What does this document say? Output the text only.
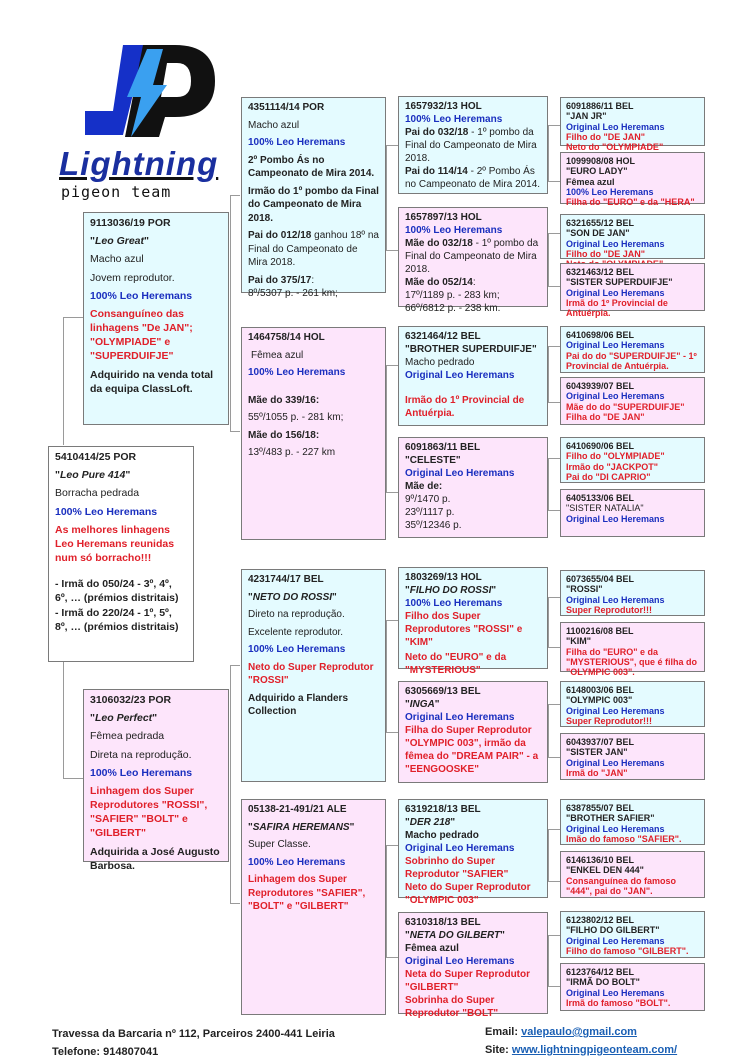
Lightning
pigeon team
5410414/25 POR
"Leo Pure 414"
Borracha pedrada
100% Leo Heremans
As melhores linhagens Leo Heremans reunidas num só borracho!!!
- Irmã do 050/24 - 3º, 4º, 6º, … (prémios distritais)
- Irmã do 220/24 - 1º, 5º, 8º, … (prémios distritais)
9113036/19 POR
"Leo Great"
Macho azul
Jovem reprodutor.
100% Leo Heremans
Consanguíneo das linhagens "De JAN"; "OLYMPIADE" e "SUPERDUIFJE"
Adquirido na venda total da equipa ClassLoft.
3106032/23 POR
"Leo Perfect"
Fêmea pedrada
Direta na reprodução.
100% Leo Heremans
Linhagem dos Super Reprodutores "ROSSI", "SAFIER" "BOLT" e "GILBERT"
Adquirida a José Augusto Barbosa.
4351114/14 POR
Macho azul
100% Leo Heremans
2º Pombo Ás no Campeonato de Mira 2014.
Irmão do 1º pombo da Final do Campeonato de Mira 2018.
Pai do 012/18 ganhou 18º na Final do Campeonato de Mira 2018.
Pai do 375/17:
8º/5307 p. - 261 km;
1464758/14 HOL
Fêmea azul
100% Leo Heremans
Mãe do 339/16:
55º/1055 p. - 281 km;
Mãe do 156/18:
13º/483 p. - 227 km
4231744/17 BEL
"NETO DO ROSSI"
Direto na reprodução.
Excelente reprodutor.
100% Leo Heremans
Neto do Super Reprodutor "ROSSI"
Adquirido a Flanders Collection
05138-21-491/21 ALE
"SAFIRA HEREMANS"
Super Classe.
100% Leo Heremans
Linhagem dos Super Reprodutores "SAFIER", "BOLT" e "GILBERT"
1657932/13 HOL
100% Leo Heremans
Pai do 032/18 - 1º pombo da Final do Campeonato de Mira 2018.
Pai do 114/14 - 2º Pombo Ás no Campeonato de Mira 2014.
1657897/13 HOL
100% Leo Heremans
Mãe do 032/18 - 1º pombo da Final do Campeonato de Mira 2018.
Mãe do 052/14:
17º/1189 p. - 283 km;
66º/6812 p. - 238 km.
6321464/12 BEL
"BROTHER SUPERDUIFJE"
Macho pedrado
Original Leo Heremans
Irmão do 1º Provincial de Antuérpia.
6091863/11 BEL
"CELESTE"
Original Leo Heremans
Mãe de:
9º/1470 p.
23º/1117 p.
35º/12346 p.
1803269/13 HOL
"FILHO DO ROSSI"
100% Leo Heremans
Filho dos Super Reprodutores "ROSSI" e "KIM"
Neto do "EURO" e da "MYSTERIOUS"
6305669/13 BEL
"INGA"
Original Leo Heremans
Filha do Super Reprodutor "OLYMPIC 003", irmão da fêmea do "DREAM PAIR" - a "EENGOOSKE"
6319218/13 BEL
"DER 218"
Macho pedrado
Original Leo Heremans
Sobrinho do Super Reprodutor "SAFIER"
Neto do Super Reprodutor "OLYMPIC 003"
6310318/13 BEL
"NETA DO GILBERT"
Fêmea azul
Original Leo Heremans
Neta do Super Reprodutor "GILBERT"
Sobrinha do Super Reprodutor "BOLT"
6091886/11 BEL
"JAN JR"
Original Leo Heremans
Filho do "DE JAN"
Neto do "OLYMPIADE"
1099908/08 HOL
"EURO LADY"
Fêmea azul
100% Leo Heremans
Filha do "EURO" e da "HERA"
6321655/12 BEL
"SON DE JAN"
Original Leo Heremans
Filho do "DE JAN"
6321463/12 BEL
"SISTER SUPERDUIFJE"
Original Leo Heremans
Irmã do 1º Provincial de Antuérpia.
6410698/06 BEL
Original Leo Heremans
Pai do do "SUPERDUIFJE" - 1º Provincial de Antuérpia.
6043939/07 BEL
Original Leo Heremans
Mãe do do "SUPERDUIFJE"
Filha do "DE JAN"
6410690/06 BEL
Filho do "OLYMPIADE"
Irmão do "JACKPOT"
Pai do "DI CAPRIO"
6405133/06 BEL
"SISTER NATALIA"
Original Leo Heremans
6073655/04 BEL
"ROSSI"
Original Leo Heremans
Super Reprodutor!!!
1100216/08 BEL
"KIM"
Filha do "EURO" e da "MYSTERIOUS", que é filha do "OLYMPIC 003".
6148003/06 BEL
"OLYMPIC 003"
Original Leo Heremans
Super Reprodutor!!!
6043937/07 BEL
"SISTER JAN"
Original Leo Heremans
Irmã do "JAN"
6387855/07 BEL
"BROTHER SAFIER"
Original Leo Heremans
Imão do famoso "SAFIER".
6146136/10 BEL
"ENKEL DEN 444"
Consanguínea do famoso "444", pai do "JAN".
6123802/12 BEL
"FILHO DO GILBERT"
Original Leo Heremans
Filho do famoso "GILBERT".
6123764/12 BEL
"IRMÃ DO BOLT"
Original Leo Heremans
Irmã do famoso "BOLT".
Travessa da Barcaria nº 112, Parceiros 2400-441 Leiria
Telefone: 914807041
Email: valepaulo@gmail.com
Site: www.lightningpigeonteam.com/
